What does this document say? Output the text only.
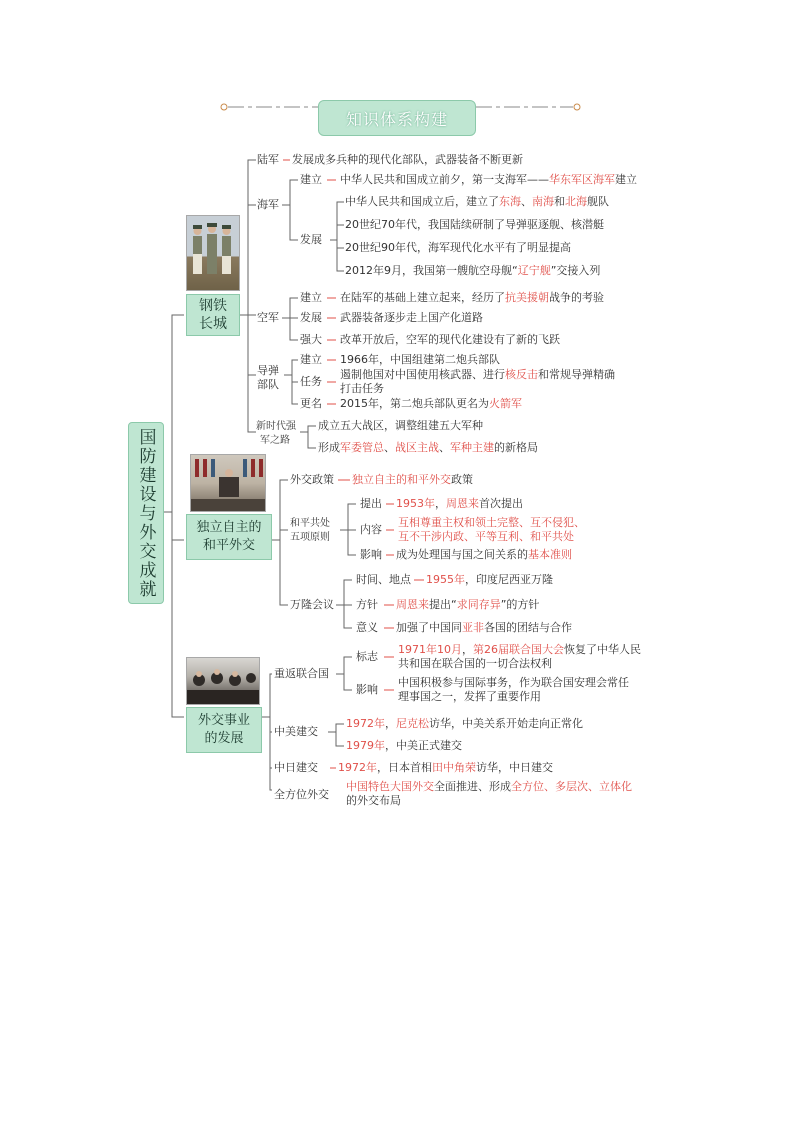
知识体系构建
国防建设与外交成就
钢铁长城
陆军 发展成多兵种的现代化部队，武器装备不断更新
海军
建立 中华人民共和国成立前夕，第一支海军——华东军区海军建立
发展
中华人民共和国成立后，建立了东海、南海和北海舰队
20世纪70年代，我国陆续研制了导弹驱逐舰、核潜艇
20世纪90年代，海军现代化水平有了明显提高
2012年9月，我国第一艘航空母舰“辽宁舰”交接入列
空军
建立 在陆军的基础上建立起来，经历了抗美援朝战争的考验
发展 武器装备逐步走上国产化道路
强大 改革开放后，空军的现代化建设有了新的飞跃
导弹
部队
建立 1966年，中国组建第二炮兵部队
任务
遏制他国对中国使用核武器、进行核反击和常规导弹精确
打击任务
更名 2015年，第二炮兵部队更名为火箭军
新时代强
军之路
成立五大战区，调整组建五大军种
形成军委管总、战区主战、军种主建的新格局
独立自主的
和平外交
外交政策 独立自主的和平外交政策
和平共处
五项原则
提出 1953年，周恩来首次提出
内容
互相尊重主权和领土完整、互不侵犯、
互不干涉内政、平等互利、和平共处
影响 成为处理国与国之间关系的基本准则
万隆会议
时间、地点 1955年，印度尼西亚万隆
方针 周恩来提出“求同存异”的方针
意义 加强了中国同亚非各国的团结与合作
外交事业
的发展
重返联合国
标志
1971年10月，第26届联合国大会恢复了中华人民
共和国在联合国的一切合法权利
影响
中国积极参与国际事务，作为联合国安理会常任
理事国之一，发挥了重要作用
中美建交
1972年，尼克松访华，中美关系开始走向正常化
1979年，中美正式建交
中日建交 1972年，日本首相田中角荣访华，中日建交
全方位外交
中国特色大国外交全面推进、形成全方位、多层次、立体化
的外交布局
